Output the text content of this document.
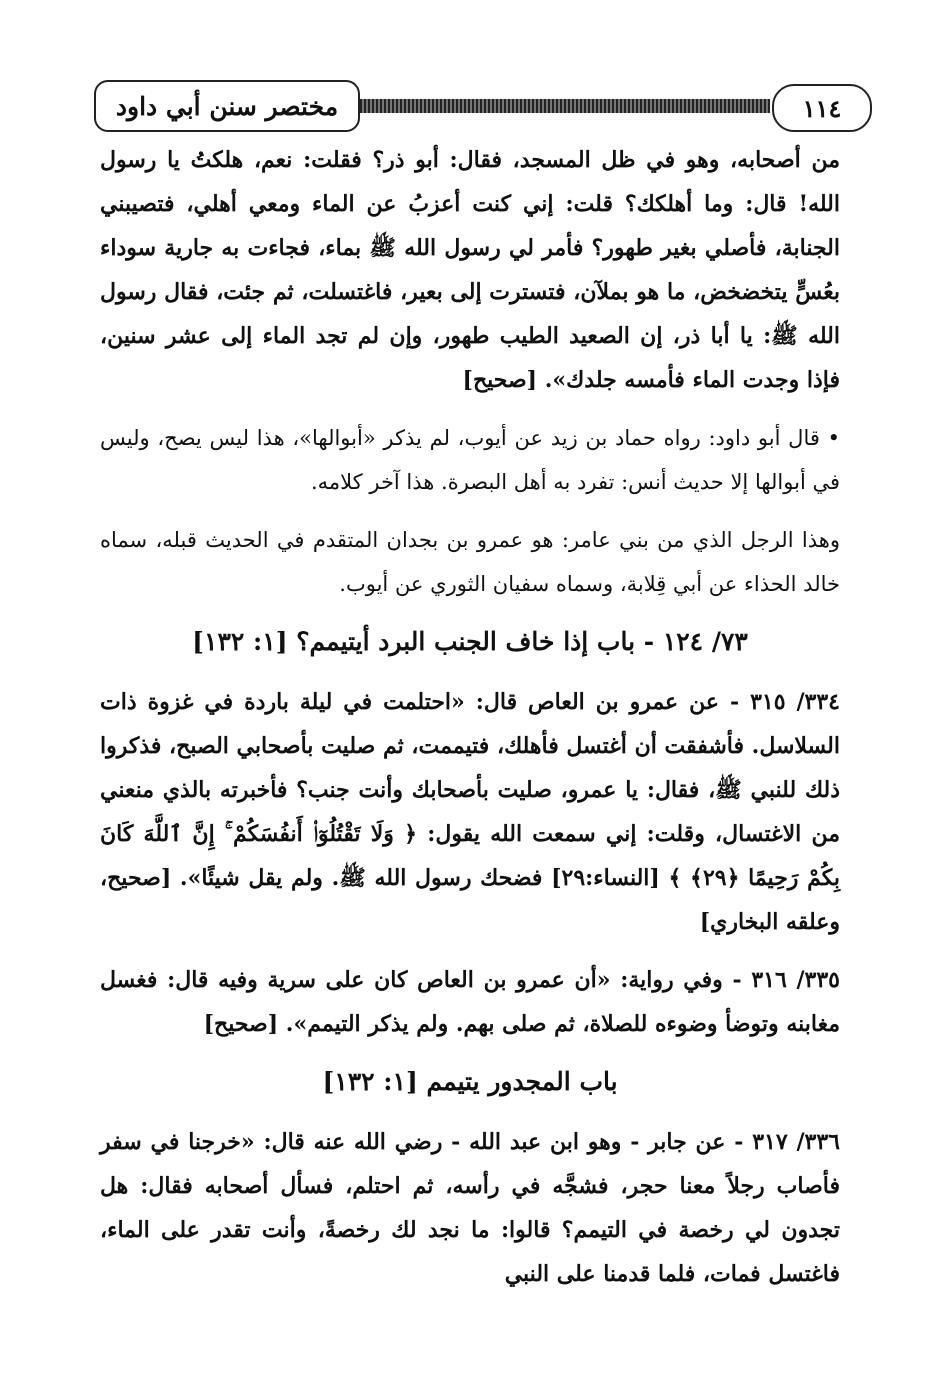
مختصر سنن أبي داود	١١٤

من أصحابه، وهو في ظل المسجد، فقال: أبو ذر؟ فقلت: نعم، هلكتُ يا رسول الله! قال: وما أهلكك؟ قلت: إني كنت أعزبُ عن الماء ومعي أهلي، فتصيبني الجنابة، فأصلي بغير طهور؟ فأمر لي رسول الله ﷺ بماء، فجاءت به جارية سوداء بعُسٍّ يتخضخض، ما هو بملآن، فتسترت إلى بعير، فاغتسلت، ثم جئت، فقال رسول الله ﷺ: يا أبا ذر، إن الصعيد الطيب طهور، وإن لم تجد الماء إلى عشر سنين، فإذا وجدت الماء فأمسه جلدك». [صحيح]

• قال أبو داود: رواه حماد بن زيد عن أيوب، لم يذكر «أبوالها»، هذا ليس يصح، وليس في أبوالها إلا حديث أنس: تفرد به أهل البصرة. هذا آخر كلامه.

وهذا الرجل الذي من بني عامر: هو عمرو بن بجدان المتقدم في الحديث قبله، سماه خالد الحذاء عن أبي قِلابة، وسماه سفيان الثوري عن أيوب.

٧٣/ ١٢٤ - باب إذا خاف الجنب البرد أيتيمم؟ [١: ١٣٢]

٣٣٤/ ٣١٥ - عن عمرو بن العاص قال: «احتلمت في ليلة باردة في غزوة ذات السلاسل. فأشفقت أن أغتسل فأهلك، فتيممت، ثم صليت بأصحابي الصبح، فذكروا ذلك للنبي ﷺ، فقال: يا عمرو، صليت بأصحابك وأنت جنب؟ فأخبرته بالذي منعني من الاغتسال، وقلت: إني سمعت الله يقول: ﴿ وَلَا تَقْتُلُوٓا۟ أَنفُسَكُمْ ۚ إِنَّ ٱللَّهَ كَانَ بِكُمْ رَحِيمًا ﴿٢٩﴾ ﴾ [النساء:٢٩] فضحك رسول الله ﷺ. ولم يقل شيئًا». [صحيح، وعلقه البخاري]

٣٣٥/ ٣١٦ - وفي رواية: «أن عمرو بن العاص كان على سرية وفيه قال: فغسل مغابنه وتوضأ وضوءه للصلاة، ثم صلى بهم. ولم يذكر التيمم». [صحيح]

باب المجدور يتيمم [١: ١٣٢]

٣٣٦/ ٣١٧ - عن جابر - وهو ابن عبد الله - رضي الله عنه قال: «خرجنا في سفر فأصاب رجلاً معنا حجر، فشجَّه في رأسه، ثم احتلم، فسأل أصحابه فقال: هل تجدون لي رخصة في التيمم؟ قالوا: ما نجد لك رخصةً، وأنت تقدر على الماء، فاغتسل فمات، فلما قدمنا على النبي
